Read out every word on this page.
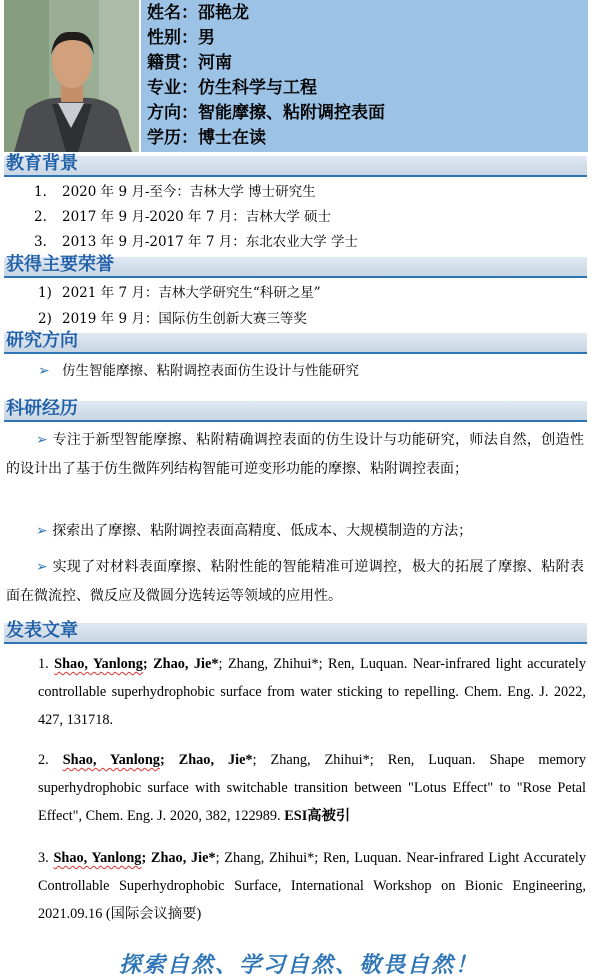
姓名：邵艳龙
性别：男
籍贯：河南
专业：仿生科学与工程
方向：智能摩擦、粘附调控表面
学历：博士在读
教育背景
1. 2020 年 9 月-至今：吉林大学 博士研究生
2. 2017 年 9 月-2020 年 7 月：吉林大学 硕士
3. 2013 年 9 月-2017 年 7 月：东北农业大学 学士
获得主要荣誉
1) 2021 年 7 月：吉林大学研究生“科研之星”
2) 2019 年 9 月：国际仿生创新大赛三等奖
研究方向
➢ 仿生智能摩擦、粘附调控表面仿生设计与性能研究
科研经历
➢ 专注于新型智能摩擦、粘附精确调控表面的仿生设计与功能研究，师法自然，创造性的设计出了基于仿生微阵列结构智能可逆变形功能的摩擦、粘附调控表面；
➢ 探索出了摩擦、粘附调控表面高精度、低成本、大规模制造的方法；
➢ 实现了对材料表面摩擦、粘附性能的智能精准可逆调控，极大的拓展了摩擦、粘附表面在微流控、微反应及微圆分选转运等领域的应用性。
发表文章
1. Shao, Yanlong; Zhao, Jie*; Zhang, Zhihui*; Ren, Luquan. Near-infrared light accurately controllable superhydrophobic surface from water sticking to repelling. Chem. Eng. J. 2022, 427, 131718.
2. Shao, Yanlong; Zhao, Jie*; Zhang, Zhihui*; Ren, Luquan. Shape memory superhydrophobic surface with switchable transition between "Lotus Effect" to "Rose Petal Effect", Chem. Eng. J. 2020, 382, 122989. ESI高被引
3. Shao, Yanlong; Zhao, Jie*; Zhang, Zhihui*; Ren, Luquan. Near-infrared Light Accurately Controllable Superhydrophobic Surface, International Workshop on Bionic Engineering, 2021.09.16 (国际会议摘要)
探索自然、学习自然、敬畏自然！
